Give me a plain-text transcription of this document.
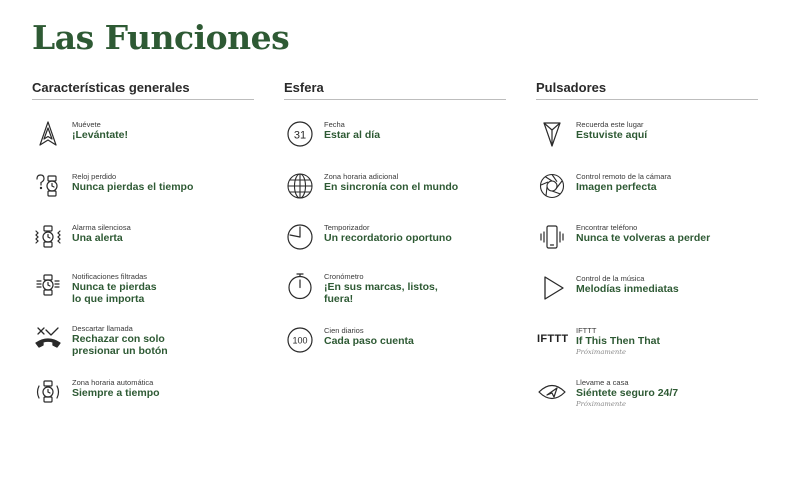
Las Funciones
Características generales

Muévete

¡Levántate!

Reloj perdido

Nunca pierdas el tiempo

Alarma silenciosa

Una alerta

Notificaciones filtradas

Nunca te pierdas
lo que importa

Descartar llamada

Rechazar con solo
presionar un botón

Zona horaria automática

Siempre a tiempo

Esfera
31

Fecha

Estar al día

Zona horaria adicional

En sincronía con el mundo

Temporizador

Un recordatorio oportuno

Cronómetro

¡En sus marcas, listos,
fuera!

100

Cien diarios

Cada paso cuenta

Pulsadores

Recuerda este lugar

Estuviste aquí

Control remoto de la cámara

Imagen perfecta

Encontrar teléfono

Nunca te volveras a perder

Control de la música

Melodías inmediatas

IFTTT

IFTTT

If This Then That

Próximamente

Llevame a casa

Siéntete seguro 24/7

Próximamente
